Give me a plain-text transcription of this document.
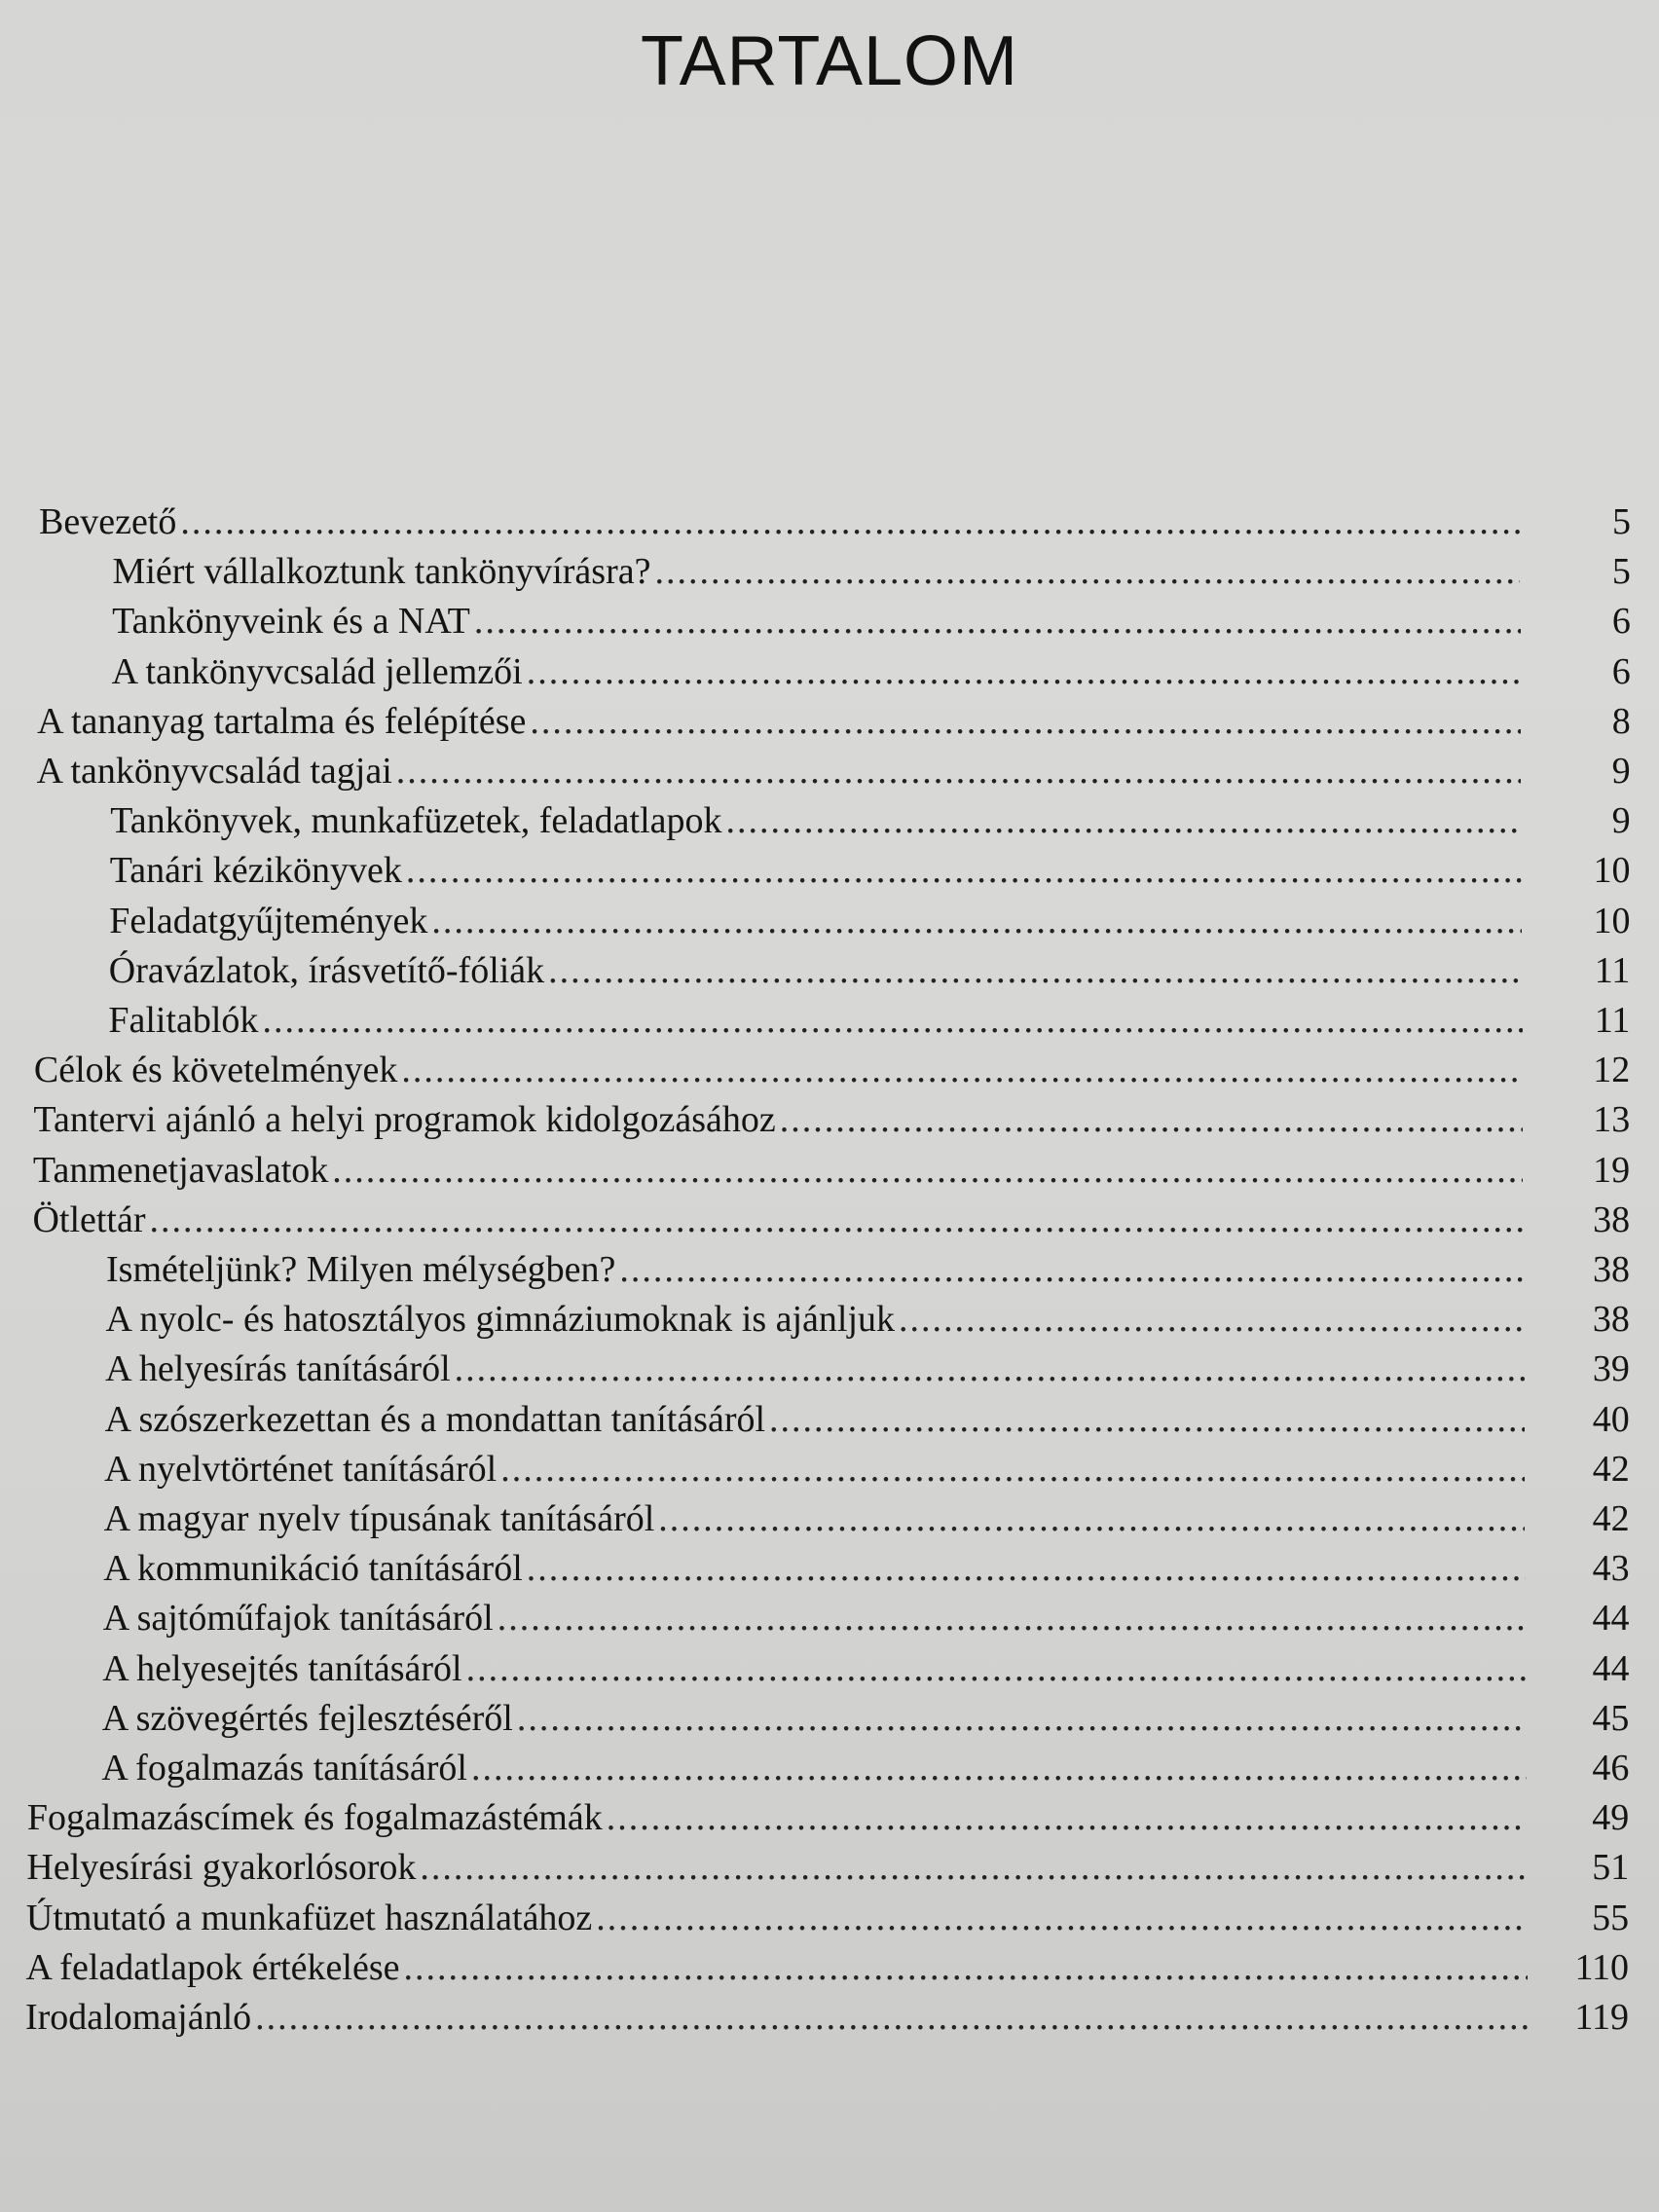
TARTALOM
Bevezető .....	5
Miért vállalkoztunk tankönyvírásra? .....	5
Tankönyveink és a NAT .....	6
A tankönyvcsalád jellemzői .....	6
A tananyag tartalma és felépítése .....	8
A tankönyvcsalád tagjai .....	9
Tankönyvek, munkafüzetek, feladatlapok .....	9
Tanári kézikönyvek .....	10
Feladatgyűjtemények .....	10
Óravázlatok, írásvetítő-fóliák .....	11
Falitablók .....	11
Célok és követelmények .....	12
Tantervi ajánló a helyi programok kidolgozásához .....	13
Tanmenetjavaslatok .....	19
Ötlettár .....	38
Ismételjünk? Milyen mélységben? .....	38
A nyolc- és hatosztályos gimnáziumoknak is ajánljuk .....	38
A helyesírás tanításáról .....	39
A szószerkezettan és a mondattan tanításáról .....	40
A nyelvtörténet tanításáról .....	42
A magyar nyelv típusának tanításáról .....	42
A kommunikáció tanításáról .....	43
A sajtóműfajok tanításáról .....	44
A helyesejtés tanításáról .....	44
A szövegértés fejlesztéséről .....	45
A fogalmazás tanításáról .....	46
Fogalmazáscímek és fogalmazástémák .....	49
Helyesírási gyakorlósorok .....	51
Útmutató a munkafüzet használatához .....	55
A feladatlapok értékelése .....	110
Irodalomajánló .....	119
